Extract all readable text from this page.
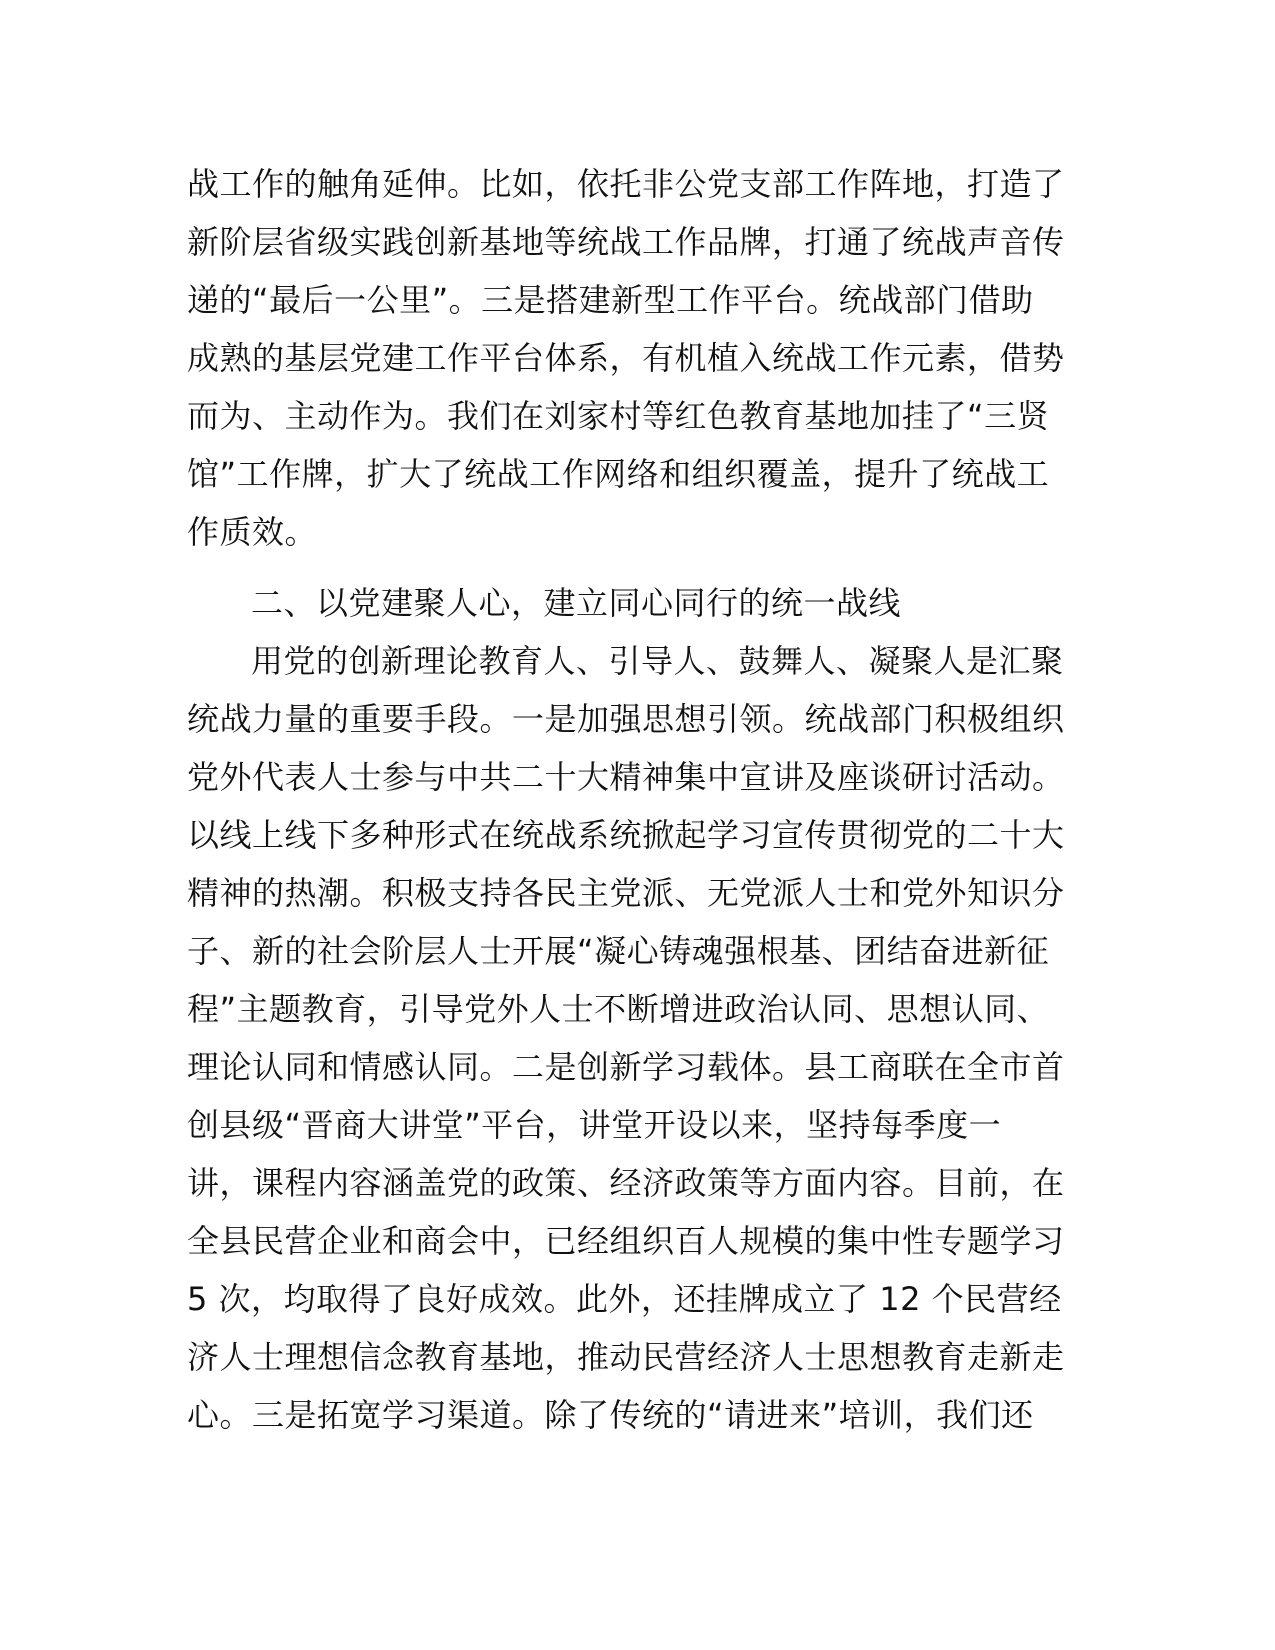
战工作的触角延伸。比如，依托非公党支部工作阵地，打造了
新阶层省级实践创新基地等统战工作品牌，打通了统战声音传
递的“最后一公里”。三是搭建新型工作平台。统战部门借助
成熟的基层党建工作平台体系，有机植入统战工作元素，借势
而为、主动作为。我们在刘家村等红色教育基地加挂了“三贤
馆”工作牌，扩大了统战工作网络和组织覆盖，提升了统战工
作质效。
二、以党建聚人心，建立同心同行的统一战线
用党的创新理论教育人、引导人、鼓舞人、凝聚人是汇聚
统战力量的重要手段。一是加强思想引领。统战部门积极组织
党外代表人士参与中共二十大精神集中宣讲及座谈研讨活动。
以线上线下多种形式在统战系统掀起学习宣传贯彻党的二十大
精神的热潮。积极支持各民主党派、无党派人士和党外知识分
子、新的社会阶层人士开展“凝心铸魂强根基、团结奋进新征
程”主题教育，引导党外人士不断增进政治认同、思想认同、
理论认同和情感认同。二是创新学习载体。县工商联在全市首
创县级“晋商大讲堂”平台，讲堂开设以来，坚持每季度一
讲，课程内容涵盖党的政策、经济政策等方面内容。目前，在
全县民营企业和商会中，已经组织百人规模的集中性专题学习
5 次，均取得了良好成效。此外，还挂牌成立了 12 个民营经
济人士理想信念教育基地，推动民营经济人士思想教育走新走
心。三是拓宽学习渠道。除了传统的“请进来”培训，我们还
